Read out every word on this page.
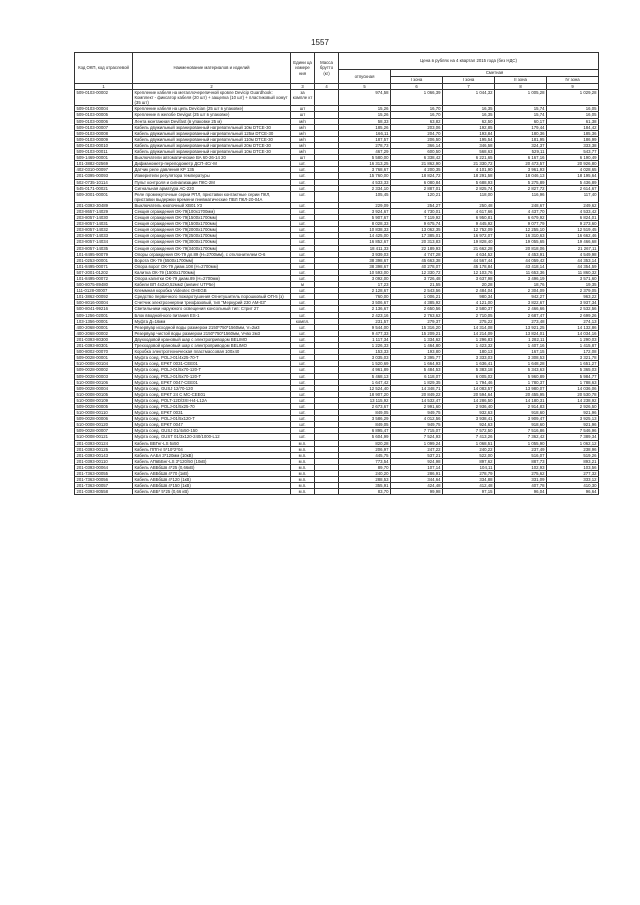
1557
Код ОКП, код отраслевой	Наименование материалов и изделий	Едини ца измере ния	Масса брутто (кг)	Цена в рублях на 4 квартал 2015 года (без НДС)				
				отпускная	Сметная			
					I зона	I зона	II зона	IV зона
1	2	3	4	5	6	7	8	9
509-0103-00002	Крепление кабеля на металлочерепичной кровле Devicip Guardhook: Комплект - фиксатор кабеля (20 шт) + защелка (10 шт) + пластиковый хомут (35 шт)	за компле кт		974,58	1 066,39	1 044,32	1 005,28	1 029,28
509-0103-00004	Крепление кабеля на цепь Devician (25 шт в упаковке)	шт		15,26	16,70	16,35	15,74	16,05
509-0103-00005	Крепление в желобе Devigut (25 шт в упаковке)	шт		15,26	16,70	16,35	15,74	16,05
509-0103-00006	Лента монтажная Devifast (в упаковке 25 м)	м/п		58,33	63,82	62,50	60,17	61,38
509-0103-00007	Кабель двужильный экранированный нагревательный 10м DTCE-30	м/п		185,26	203,06	192,85	179,44	184,42
509-0103-00008	Кабель двужильный экранированный нагревательный 125м DTCE-30	м/п		166,11	204,70	193,84	180,36	185,36
509-0103-00009	Кабель двужильный экранированный нагревательный 110м DTCE-30	м/п		187,57	206,50	195,54	181,95	186,99
509-0103-00010	Кабель двужильный экранированный нагревательный 20м DTCE-30	м/п		278,73	366,14	346,58	324,37	333,38
509-0103-00011	Кабель двужильный экранированный нагревательный 10м DTCE-30	м/п		467,29	600,50	568,63	529,11	543,77
509-1469-00001	Выключатели автоматические ВА 60-26-14 20	шт		5 580,00	6 338,42	6 221,65	6 167,16	6 190,49
101-3882-02569	Дифманометр-переподометр ДСП-4Сг-М	шт.		16 313,25	21 862,90	21 330,72	20 473,57	20 926,80
402-0310-00097	Датчик реле давления КР 135	шт.		3 768,67	4 200,35	4 101,90	3 961,93	4 028,65
201-0395-00093	Измерители регулятора температуры	шт.		15 760,00	18 824,72	18 291,58	18 046,13	18 195,64
502-0735-10114	Пульт контроля и сигнализации ПКС-2М	шт.		4 533,33	6 080,84	5 688,93	5 275,89	5 436,89
545-0171-00021	Сигнальная арматура АС-220	шт.		2 334,10	2 887,01	2 825,74	2 827,72	2 614,67
509-3001-00001	Реле промежуточные серии РПЛ, приставки контактные серии ПКЛ, приставки выдержки времени пневматические ПВЛ ПКЛ-20-04А	шт.		105,45	120,21	118,00	116,96	117,40
201-0393-30489	Выключатель кнопочный ХВ01 У3	шт.		229,09	254,27	250,48	248,67	249,62
203-8657-14029	Секция ограждения ОК-79(100х1700мм)	шт.		3 924,67	4 730,01	4 617,66	4 437,70	4 533,42
203-8057-14030	Секция ограждения ОК-79(1500х1700мм)	шт.		5 907,67	7 119,92	6 950,81	6 679,92	6 824,01
203-8057-14031	Секция ограждения ОК-79(1500х1700мм)	шт.		8 028,33	9 675,74	9 445,92	9 077,79	9 273,60
203-8057-14032	Секция ограждения ОК-79(2000х1700мм)	шт.		10 838,33	13 062,35	12 752,09	12 255,10	12 519,45
203-8057-14033	Секция ограждения ОК-79(2500х1700мм)	шт.		14 425,00	17 385,01	16 972,07	16 310,63	16 662,46
203-8057-14034	Секция ограждения ОК-79(3000х1700мм)	шт.		16 852,67	20 313,83	19 828,40	19 055,65	19 466,68
203-8057-14035	Секция ограждения ОК-79(3400х1700мм)	шт.		18 411,33	22 189,93	21 662,28	20 818,06	21 267,11
101-8495-90079	Опоры ограждения ОК-79 дл.89 (H=2700мм), с отклонителем О-6	шт.		3 939,03	4 747,28	4 634,52	4 453,91	4 549,98
201-0253-00001	Ворота ОК-79 (5500х1700мм)	шт.		38 398,67	45 663,38	44 567,44	44 059,42	44 353,14
101-8495-00071	Опора ворот ОК-79 диам.108 (H=2700мм)	шт.		38 398,67	40 278,07	45 178,84	43 418,14	44 354,59
507-2001-01202	Калитка ОК-79 (1500х1700мм)	шт.		10 593,00	12 330,72	12 103,76	11 653,36	11 860,32
101-8495-00072	Опора калитки ОК-79 диам.89 (H=2700мм)	шт.		3 092,00	3 726,48	3 637,98	3 496,19	3 571,60
500-8075-89480	Кабели ВП 4х2х0,52мм2 (анвинг UTP5e)	м		17,23	21,55	20,28	18,76	19,35
111-0128-00007	Клеммная коробка Videotec OHEGB	шт.		2 128,67	2 543,56	2 484,04	2 304,09	2 379,05
101-3862-00092	Средство первичного пожаротушения Огнетушитель порошковый ОП-5 (з)	шт.		760,00	1 006,21	980,34	942,27	963,22
500-8016-00004	Счетчик электроэнергии трехфазовый, тип "Меркурий 230 АМ-03"	шт.		3 506,67	4 385,92	4 121,00	3 822,67	3 937,34
500-8041-99216	Светильники наружного освещения консольный тип: Стрит 27	шт.		2 136,67	2 650,56	2 580,37	2 466,66	2 532,56
509-1256-02001	Блок вводной-кого питания ES-1	шт.		2 423,16	2 763,62	2 710,05	2 687,47	2 699,26
103-1356-00001	Муфта Д=16мм	компл.		231,57	279,37	275,22	273,48	274,13
400-2068-00001	Резервуар исходной воды размером 2150*750*1560мм, V=2м3	шт.		9 544,00	15 316,20	14 314,08	13 921,25	14 132,86
400-2068-00002	Резервуар чистой воды размером 2150*750*1560мм, Vчво 2м3	шт.		9 477,33	15 209,21	14 214,09	13 824,01	14 034,16
201-0393-80300	Двухходовой крановый шар с электроприводом BELIMO	шт.		1 117,34	1 334,62	1 296,83	1 282,11	1 290,03
201-0393-80301	Трехходовой крановый шар с электроприводом BELIMO	шт.		1 226,33	1 464,80	1 423,32	1 407,16	1 415,87
500-8002-00070	Коробка электротехническая пластмассовая 100х40	шт.		153,33	193,80	180,13	167,15	172,08
509-0028-00001	Муфта соед. POLJ-01/4х25-70-Т	шт.		3 035,03	3 395,77	3 333,03	3 308,53	3 321,78
510-0008-00104	Муфта соед. EPKT 0031-CEE01	шт.		1 520,69	1 664,93	1 636,41	1 648,28	1 651,27
509-0028-00002	Муфта соед. POLJ-01/5х70-120-Т	шт.		4 961,89	5 484,53	5 383,18	5 343,63	5 365,03
509-0028-00003	Муфта соед. POLJ-01/5х70-120-Т	шт.		5 468,13	6 118,07	6 005,02	5 960,89	5 984,77
510-0008-00106	Муфта соед. EPKT 0047-CEE01	шт.		1 647,42	1 829,35	1 794,46	1 780,37	1 788,63
509-0028-00004	Муфта соед. GUSJ 12/70-120	шт.		12 524,40	14 348,71	14 083,57	13 980,07	14 036,06
510-0008-00105	Муфта соед. EPKT 24 C MC-CEE01	шт.		18 907,20	20 849,22	20 594,64	20 455,95	20 530,78
510-0008-00109	Муфта соед. POLT-12D/3XI-H4-L12A	шт.		13 115,92	14 532,47	14 286,50	14 180,31	14 238,92
509-0028-00005	Муфта соед. POLJ-01/5х25-70	шт.		2 673,67	2 991,60	2 936,40	2 914,83	2 926,50
510-0008-00110	Муфта соед. EPKT 0031	шт.		849,05	949,75	932,63	918,60	921,96
509-0028-00006	Муфта соед. POLJ-01/5х120-Т	шт.		3 586,29	4 012,56	3 938,41	3 909,47	3 925,13
510-0008-00120	Муфта соед. EPKT 0047	шт.		849,05	949,75	924,63	918,60	921,96
509-0028-00007	Муфта соед. GUSJ 01/4х50-150	шт.		6 895,47	7 715,07	7 572,50	7 516,86	7 546,96
510-0008-00121	Муфта соед. GUST 01/3х120-240/1000-L12	шт.		5 604,99	7 524,93	7 413,26	7 362,42	7 389,34
201-0393-00124	Кабель ВВГнг-LS 5х50	м.п.		820,28	1 099,24	1 068,51	1 055,90	1 062,12
201-0393-00125	Кабель ППГнг 5*10*2*04	м.п.		206,97	247,22	240,22	237,49	238,96
201-0393-00143	Кабель ААБл 3*120мм (10кВ)	м.п.		445,75	537,21	522,00	516,07	519,26
201-0393-00110	Кабель АПвББнг-LS 3*120/50 (10кВ)	м.п.		773,54	924,98	897,62	887,73	893,21
201-0393-00064	Кабель АВБбШв 4*25 (0,66кВ)	м.п.		89,70	107,14	104,11	102,93	103,56
201-7363-00055	Кабель АВБбШв 4*70 (1кВ)	м.п.		240,20	286,91	278,79	275,62	277,32
201-7363-00056	Кабель АВБбШв 4*120 (1кВ)	м.п.		288,53	344,64	334,88	331,09	333,12
201-7363-00057	Кабель АВБбШв 4*150 (1кВ)	м.п.		355,91	424,48	412,48	407,78	410,30
201-0393-80558	Кабель АВБ* 5*25 (0,66 кВ)	м.п.		83,70	99,98	97,15	96,04	96,64
